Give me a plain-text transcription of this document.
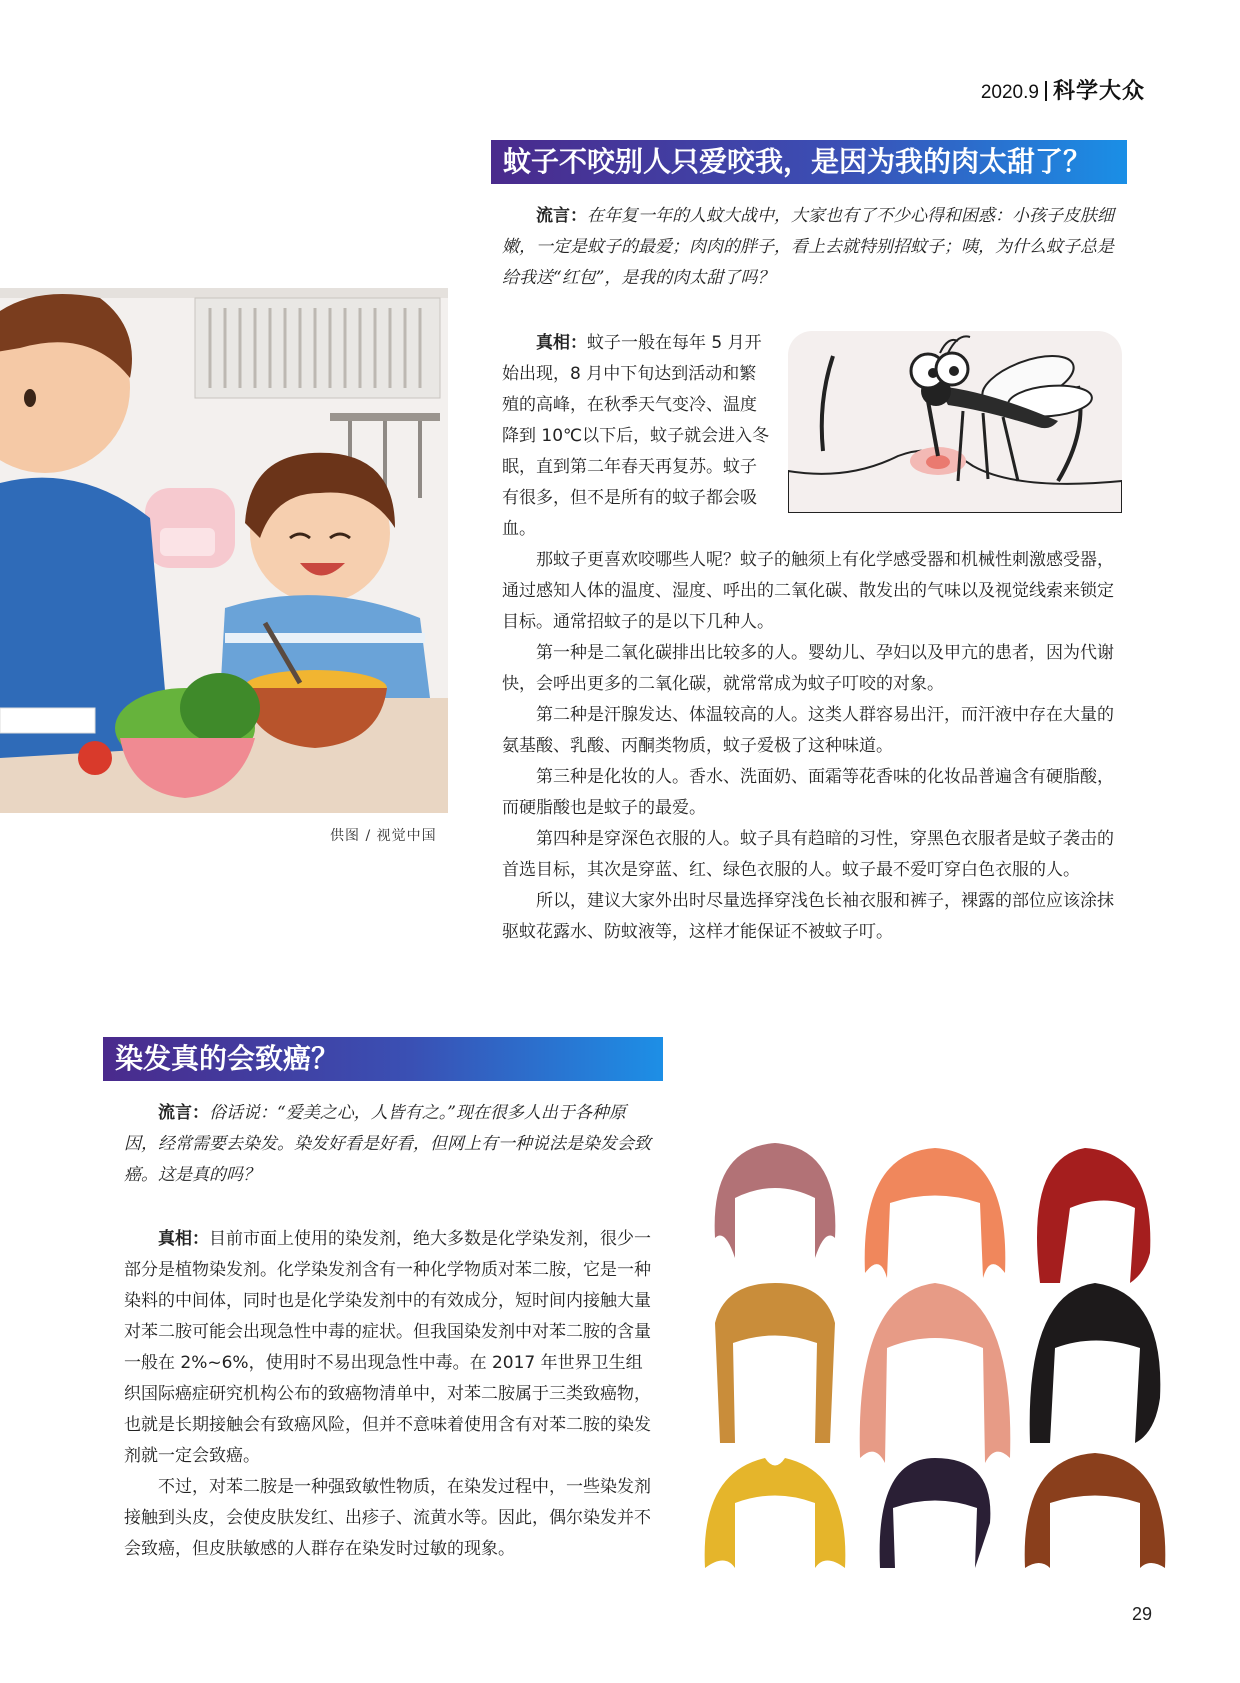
2020.9 科学大众
蚊子不咬别人只爱咬我，是因为我的肉太甜了？

流言：在年复一年的人蚊大战中，大家也有了不少心得和困惑：小孩子皮肤细嫩，一定是蚊子的最爱；肉肉的胖子，看上去就特别招蚊子；咦，为什么蚊子总是给我送“红包”，是我的肉太甜了吗？

真相：蚊子一般在每年 5 月开始出现，8 月中下旬达到活动和繁殖的高峰，在秋季天气变冷、温度降到 10℃以下后，蚊子就会进入冬眠，直到第二年春天再复苏。蚊子有很多，但不是所有的蚊子都会吸血。

那蚊子更喜欢咬哪些人呢？蚊子的触须上有化学感受器和机械性刺激感受器，通过感知人体的温度、湿度、呼出的二氧化碳、散发出的气味以及视觉线索来锁定目标。通常招蚊子的是以下几种人。

第一种是二氧化碳排出比较多的人。婴幼儿、孕妇以及甲亢的患者，因为代谢快，会呼出更多的二氧化碳，就常常成为蚊子叮咬的对象。

第二种是汗腺发达、体温较高的人。这类人群容易出汗，而汗液中存在大量的氨基酸、乳酸、丙酮类物质，蚊子爱极了这种味道。

第三种是化妆的人。香水、洗面奶、面霜等花香味的化妆品普遍含有硬脂酸，而硬脂酸也是蚊子的最爱。

第四种是穿深色衣服的人。蚊子具有趋暗的习性，穿黑色衣服者是蚊子袭击的首选目标，其次是穿蓝、红、绿色衣服的人。蚊子最不爱叮穿白色衣服的人。

所以，建议大家外出时尽量选择穿浅色长袖衣服和裤子，裸露的部位应该涂抹驱蚊花露水、防蚊液等，这样才能保证不被蚊子叮。

供图 / 视觉中国
染发真的会致癌？

流言：俗话说：“爱美之心，人皆有之。”现在很多人出于各种原因，经常需要去染发。染发好看是好看，但网上有一种说法是染发会致癌。这是真的吗？

真相：目前市面上使用的染发剂，绝大多数是化学染发剂，很少一部分是植物染发剂。化学染发剂含有一种化学物质对苯二胺，它是一种染料的中间体，同时也是化学染发剂中的有效成分，短时间内接触大量对苯二胺可能会出现急性中毒的症状。但我国染发剂中对苯二胺的含量一般在 2%~6%，使用时不易出现急性中毒。在 2017 年世界卫生组织国际癌症研究机构公布的致癌物清单中，对苯二胺属于三类致癌物，也就是长期接触会有致癌风险，但并不意味着使用含有对苯二胺的染发剂就一定会致癌。

不过，对苯二胺是一种强致敏性物质，在染发过程中，一些染发剂接触到头皮，会使皮肤发红、出疹子、流黄水等。因此，偶尔染发并不会致癌，但皮肤敏感的人群存在染发时过敏的现象。

29
